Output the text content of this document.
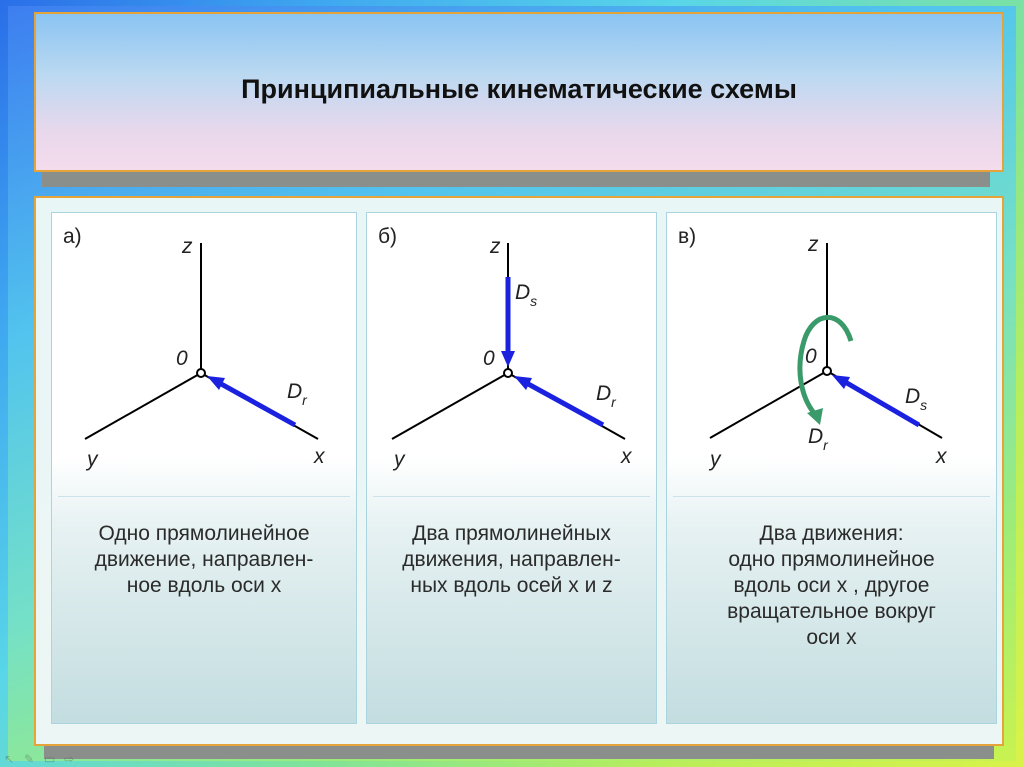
Принципиальные кинематические схемы
а)	z
0
y	x
$D_r$
Одно прямолинейное
движение, направлен-
ное вдоль оси x
б)	z
0
y	x
$D_s$
$D_r$
Два прямолинейных
движения, направлен-
ных вдоль осей x и z
в)	z
0
y	x
$D_r$
$D_s$
Два движения:
одно прямолинейное
вдоль оси x , другое
вращательное вокруг
оси x
↖ ✎ ▭ ⇨
